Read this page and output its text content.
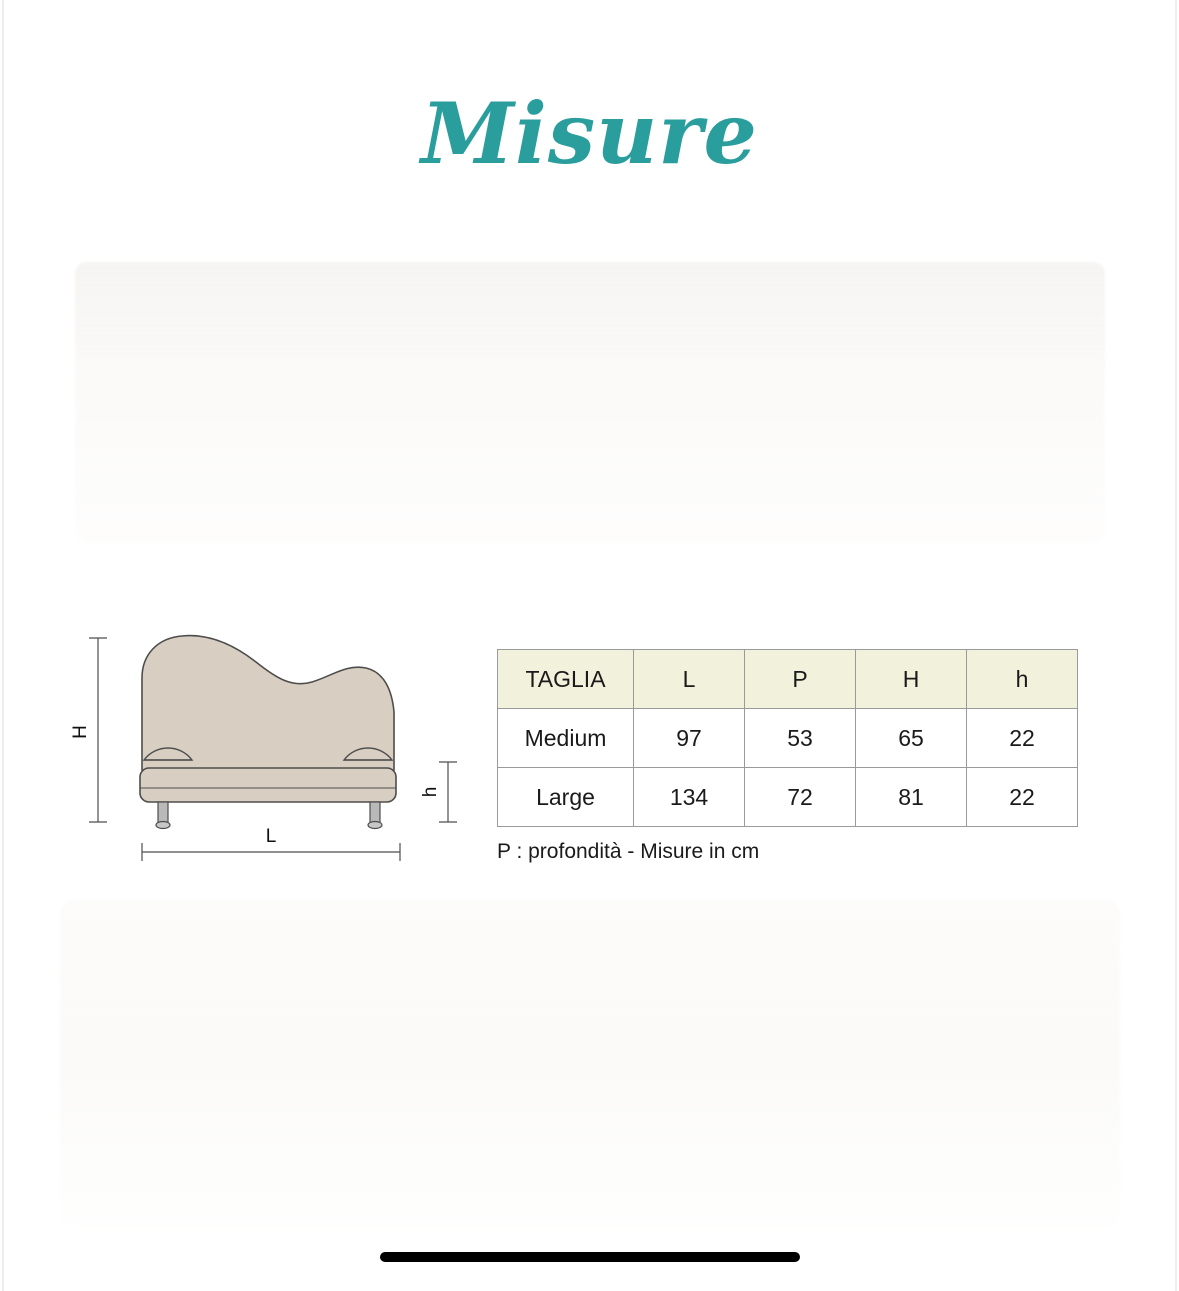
Misure
H
L
h
TAGLIA	L	P	H	h
Medium	97	53	65	22
Large	134	72	81	22
P : profondità - Misure in cm
